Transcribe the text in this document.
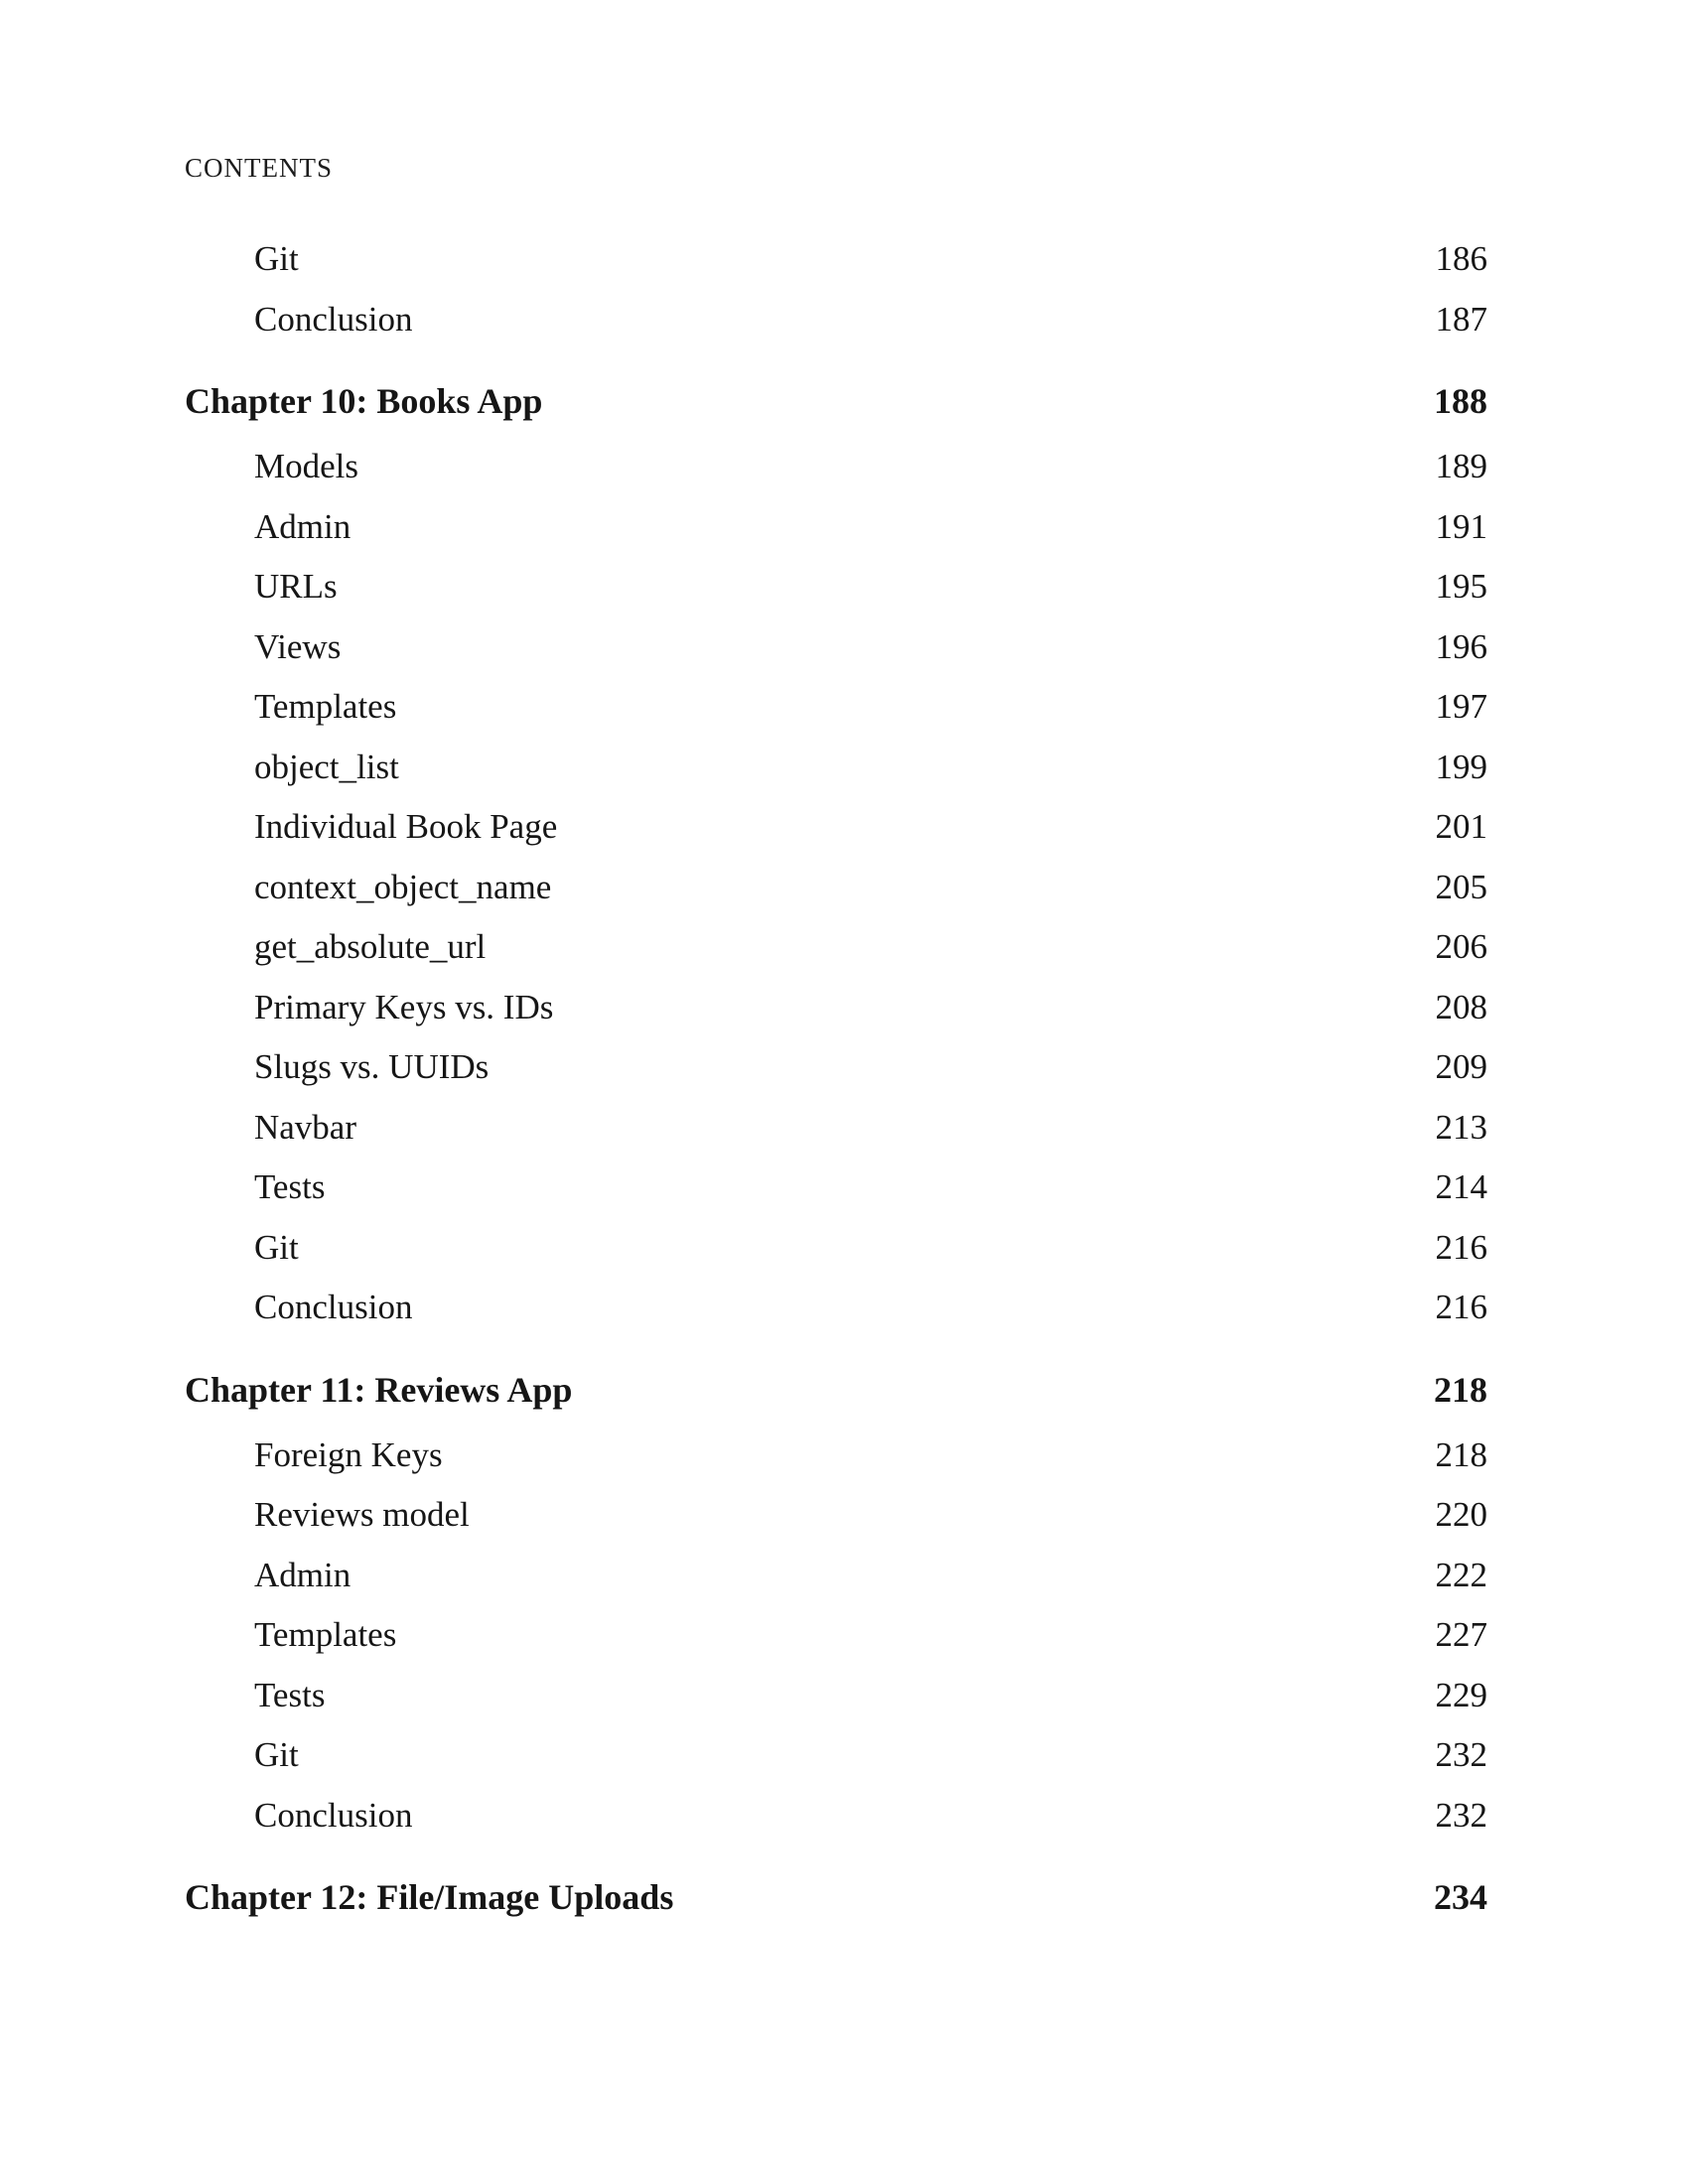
CONTENTS
Git	186
Conclusion	187
Chapter 10: Books App	188
Models	189
Admin	191
URLs	195
Views	196
Templates	197
object_list	199
Individual Book Page	201
context_object_name	205
get_absolute_url	206
Primary Keys vs. IDs	208
Slugs vs. UUIDs	209
Navbar	213
Tests	214
Git	216
Conclusion	216
Chapter 11: Reviews App	218
Foreign Keys	218
Reviews model	220
Admin	222
Templates	227
Tests	229
Git	232
Conclusion	232
Chapter 12: File/Image Uploads	234
